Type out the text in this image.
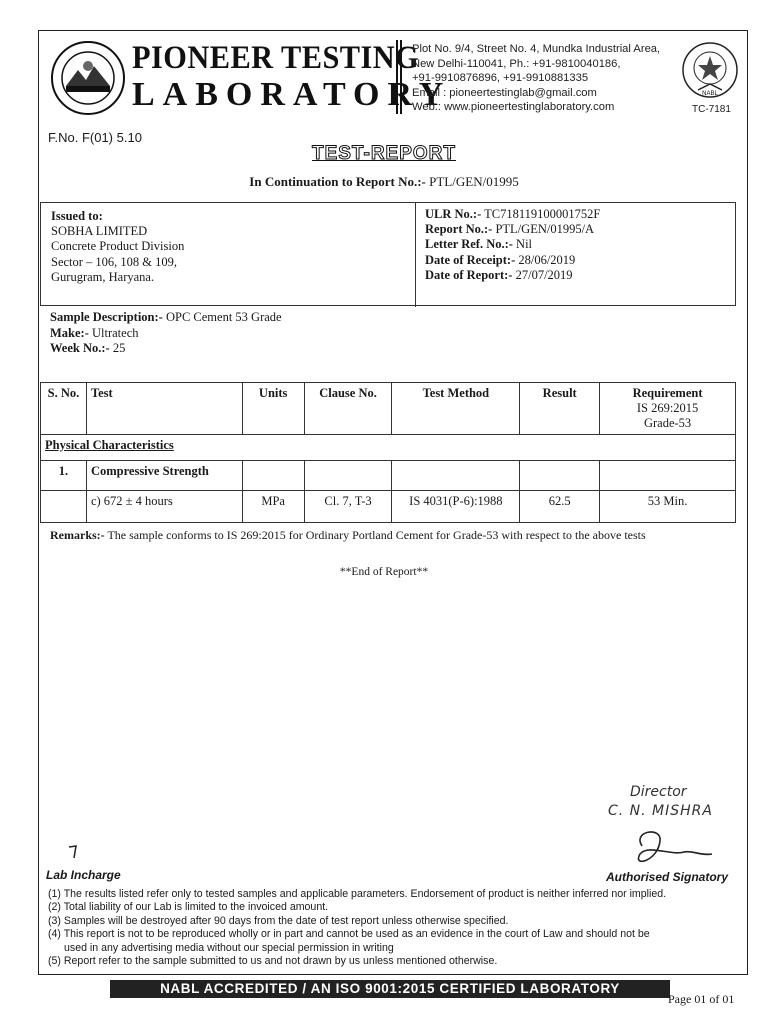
PIONEER TESTING
LABORATORY
Plot No. 9/4, Street No. 4, Mundka Industrial Area,
New Delhi-110041, Ph.: +91-9810040186,
+91-9910876896, +91-9910881335
Email : pioneertestinglab@gmail.com
Web.: www.pioneertestinglaboratory.com
NABL
TC-7181
F.No. F(01) 5.10
TEST-REPORT
In Continuation to Report No.:- PTL/GEN/01995
Issued to:
SOBHA LIMITED
Concrete Product Division
Sector – 106, 108 & 109,
Gurugram, Haryana.
ULR No.:- TC718119100001752F
Report No.:- PTL/GEN/01995/A
Letter Ref. No.:- Nil
Date of Receipt:- 28/06/2019
Date of Report:- 27/07/2019
Sample Description:- OPC Cement 53 Grade
Make:- Ultratech
Week No.:- 25
S. No.	Test	Units	Clause No.	Test Method	Result	Requirement
IS 269:2015
Grade-53

Physical Characteristics						
1.	Compressive Strength					
	c) 672 ± 4 hours	MPa	Cl. 7, T-3	IS 4031(P-6):1988	62.5	53 Min.
Remarks:- The sample conforms to IS 269:2015 for Ordinary Portland Cement for Grade-53 with respect to the above tests
**End of Report**
Director
C. N. MISHRA
Lab Incharge	Authorised Signatory

(1) The results listed refer only to tested samples and applicable parameters. Endorsement of product is neither inferred nor implied.

(2) Total liability of our Lab is limited to the invoiced amount.

(3) Samples will be destroyed after 90 days from the date of test report unless otherwise specified.

(4) This report is not to be reproduced wholly or in part and cannot be used as an evidence in the court of Law and should not be

used in any advertising media without our special permission in writing

(5) Report refer to the sample submitted to us and not drawn by us unless mentioned otherwise.

NABL ACCREDITED / AN ISO 9001:2015 CERTIFIED LABORATORY
Page 01 of 01
